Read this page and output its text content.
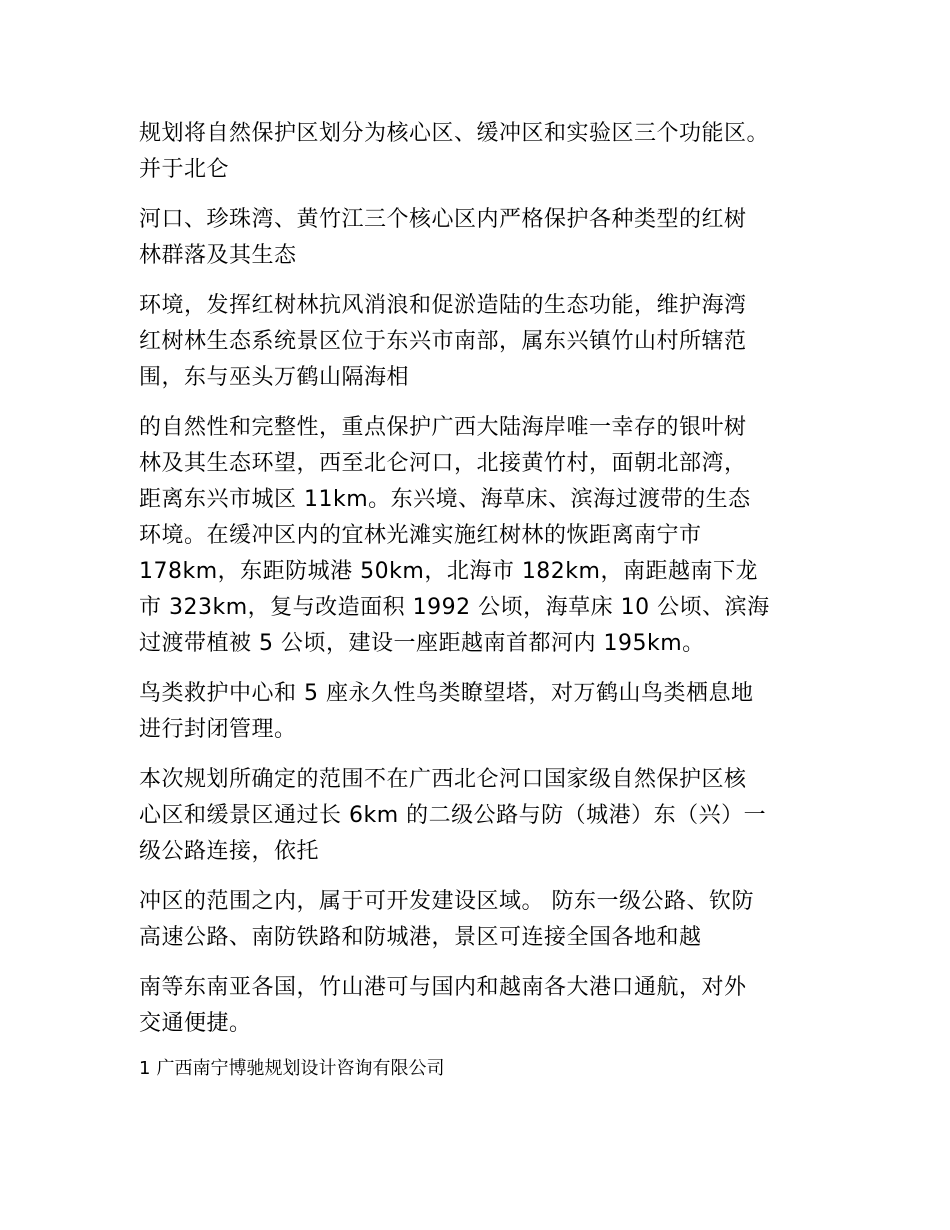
规划将自然保护区划分为核心区、缓冲区和实验区三个功能区。
并于北仑

河口、珍珠湾、黄竹江三个核心区内严格保护各种类型的红树
林群落及其生态

环境，发挥红树林抗风消浪和促淤造陆的生态功能，维护海湾
红树林生态系统景区位于东兴市南部，属东兴镇竹山村所辖范
围，东与巫头万鹤山隔海相

的自然性和完整性，重点保护广西大陆海岸唯一幸存的银叶树
林及其生态环望，西至北仑河口，北接黄竹村，面朝北部湾，
距离东兴市城区 11km。东兴境、海草床、滨海过渡带的生态
环境。在缓冲区内的宜林光滩实施红树林的恢距离南宁市
178km，东距防城港 50km，北海市 182km，南距越南下龙
市 323km，复与改造面积 1992 公顷，海草床 10 公顷、滨海
过渡带植被 5 公顷，建设一座距越南首都河内 195km。

鸟类救护中心和 5 座永久性鸟类瞭望塔，对万鹤山鸟类栖息地
进行封闭管理。

本次规划所确定的范围不在广西北仑河口国家级自然保护区核
心区和缓景区通过长 6km 的二级公路与防（城港）东（兴）一
级公路连接，依托

冲区的范围之内，属于可开发建设区域。 防东一级公路、钦防
高速公路、南防铁路和防城港，景区可连接全国各地和越

南等东南亚各国，竹山港可与国内和越南各大港口通航，对外
交通便捷。

1 广西南宁博驰规划设计咨询有限公司
